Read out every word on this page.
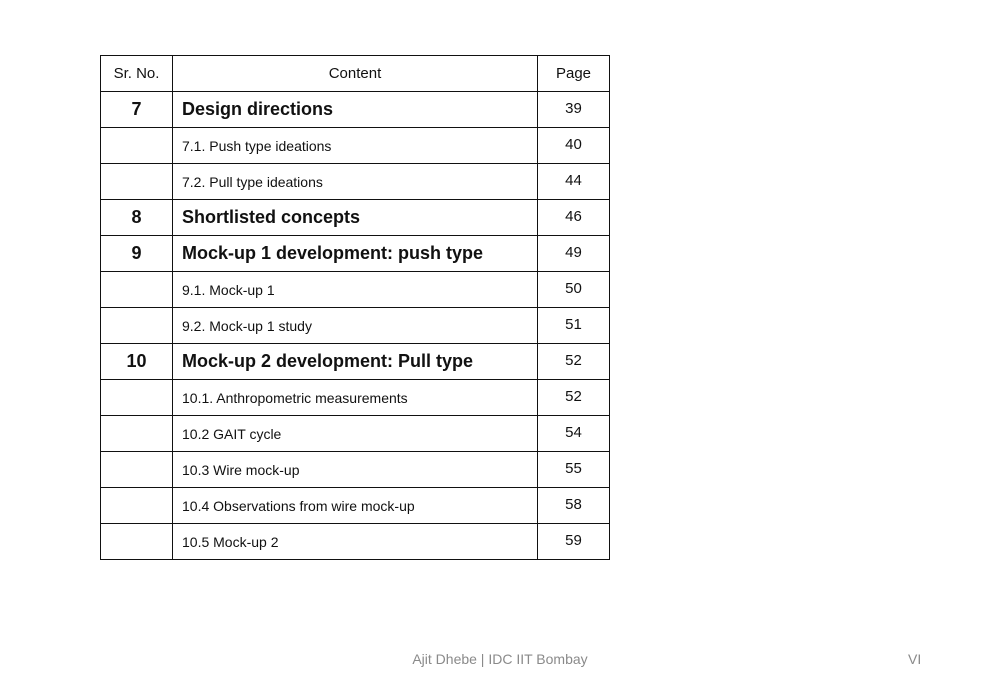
Sr. No.	Content	Page
7	Design directions	39
	7.1. Push type ideations	40
	7.2. Pull type ideations	44
8	Shortlisted concepts	46
9	Mock-up 1 development: push type	49
	9.1. Mock-up 1	50
	9.2. Mock-up 1 study	51
10	Mock-up 2 development: Pull type	52
	10.1. Anthropometric measurements	52
	10.2 GAIT cycle	54
	10.3 Wire mock-up	55
	10.4 Observations from wire mock-up	58
	10.5 Mock-up 2	59
Ajit Dhebe | IDC IIT Bombay	VI
